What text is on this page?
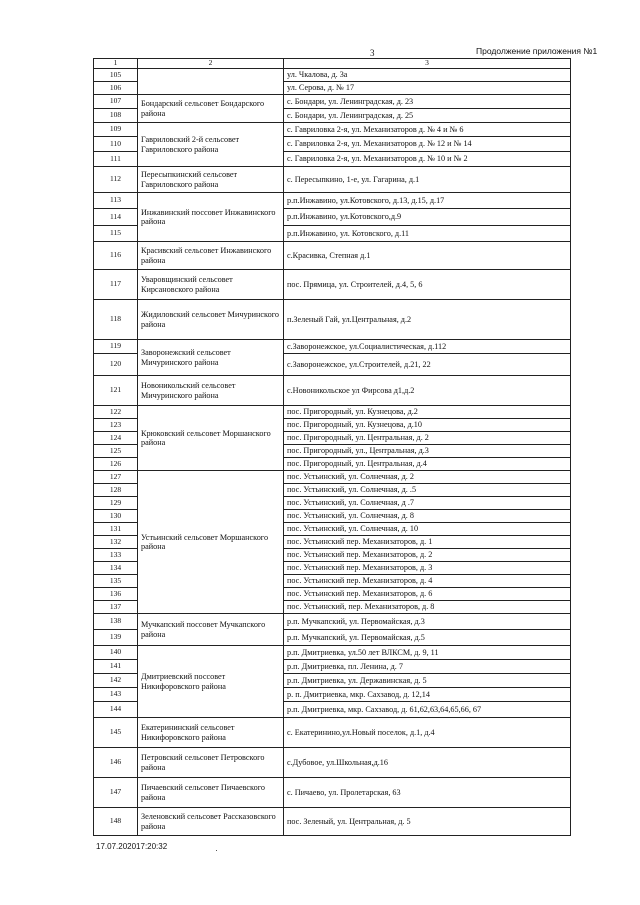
3	Продолжение приложения №1
1	2	3
105		ул. Чкалова, д. 3а
106		ул. Серова, д. № 17
107	Бондарский сельсовет Бондарского района	с. Бондари, ул. Ленинградская, д. 23
108		с. Бондари, ул. Ленинградская, д. 25
109	Гавриловский 2-й сельсовет Гавриловского района	с. Гавриловка 2-я, ул. Механизаторов д. № 4 и № 6
110		с. Гавриловка 2-я, ул. Механизаторов д. № 12 и № 14
111		с. Гавриловка 2-я, ул. Механизаторов д. № 10 и № 2
112	Пересыпкинский сельсовет Гавриловского района	с. Пересыпкино, 1-е, ул. Гагарина, д.1
113	Инжавинский поссовет Инжавинского района	р.п.Инжавино, ул.Котовского, д.13, д.15, д.17
114		р.п.Инжавино, ул.Котовского,д.9
115		р.п.Инжавино, ул. Котовского, д.11
116	Красивский сельсовет Инжавинского района	с.Красивка, Степная д.1
117	Уваровщинский сельсовет Кирсановского района	пос. Прямица, ул. Строителей, д.4, 5, 6
118	Жидиловский сельсовет Мичуринского района	п.Зеленый Гай, ул.Центральная, д.2
119	Заворонежский сельсовет Мичуринского района	с.Заворонежское, ул.Социалистическая, д.112
120		с.Заворонежское, ул.Строителей, д.21, 22
121	Новоникольский сельсовет Мичуринского района	с.Новоникольское ул Фирсова д1,д.2
122	Крюковский сельсовет Моршанского района	пос. Пригородный, ул. Кузнецова, д.2
123		пос. Пригородный, ул. Кузнецова, д.10
124		пос. Пригородный, ул. Центральная, д. 2
125		пос. Пригородный, ул., Центральная, д.3
126		пос. Пригородный, ул. Центральная, д.4
127	Устьинский сельсовет Моршанского района	пос. Устьинский, ул. Солнечная, д. 2
128		пос. Устьинский, ул. Солнечная, д. .5
129		пос. Устьинский, ул. Солнечная, д .7
130		пос. Устьинский, ул. Солнечная, д. 8
131		пос. Устьинский, ул. Солнечная, д. 10
132		пос. Устьинский пер. Механизаторов, д. 1
133		пос. Устьинский пер. Механизаторов, д. 2
134		пос. Устьинский пер. Механизаторов, д. 3
135		пос. Устьинский пер. Механизаторов, д. 4
136		пос. Устьинский пер. Механизаторов, д. 6
137		пос. Устьинский, пер. Механизаторов, д. 8
138	Мучкапский поссовет Мучкапского района	р.п. Мучкапский, ул. Первомайская, д.3
139		р.п. Мучкапский, ул. Первомайская, д.5
140	Дмитриевский поссовет Никифоровского района	р.п. Дмитриевка, ул.50 лет ВЛКСМ, д. 9, 11
141		р.п. Дмитриевка, пл. Ленина, д. 7
142		р.п. Дмитриевка, ул. Державинская, д. 5
143		р. п. Дмитриевка, мкр. Сахзавод, д. 12,14
144		р.п. Дмитриевка, мкр. Сахзавод, д. 61,62,63,64,65,66, 67
145	Екатерининский сельсовет Никифоровского района	с. Екатеринино,ул.Новый поселок, д.1, д.4
146	Петровский сельсовет Петровского района	с.Дубовое, ул.Школьная,д.16
147	Пичаевский сельсовет Пичаевского района	с. Пичаево, ул. Пролетарская, 63
148	Зеленовский сельсовет Рассказовского района	пос. Зеленый, ул. Центральная, д. 5
17.07.202017:20:32
